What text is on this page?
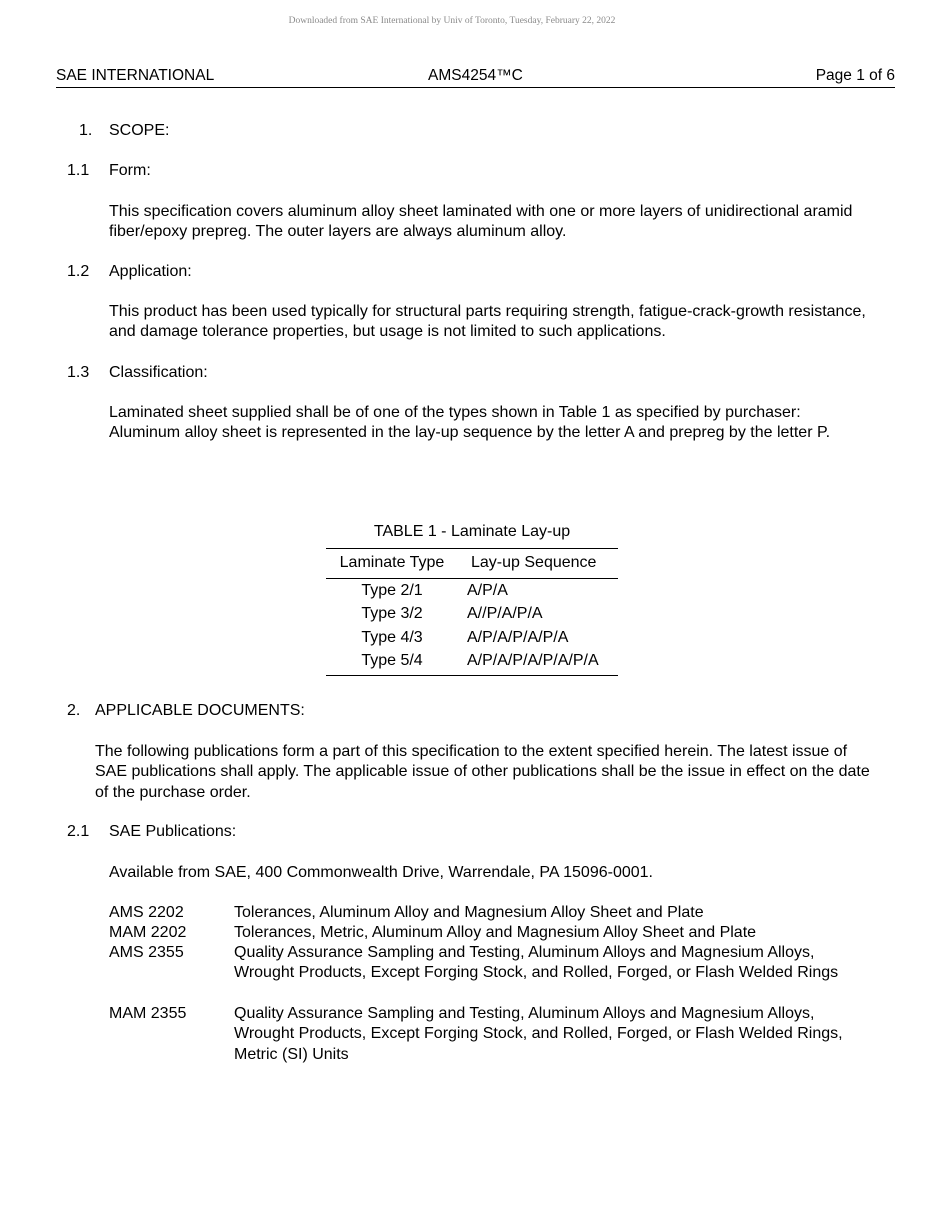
Downloaded from SAE International by Univ of Toronto, Tuesday, February 22, 2022
SAE INTERNATIONAL	AMS4254™C	Page 1 of 6
1. SCOPE:
1.1 Form:
This specification covers aluminum alloy sheet laminated with one or more layers of unidirectional aramid fiber/epoxy prepreg. The outer layers are always aluminum alloy.
1.2 Application:
This product has been used typically for structural parts requiring strength, fatigue-crack-growth resistance, and damage tolerance properties, but usage is not limited to such applications.
1.3 Classification:
Laminated sheet supplied shall be of one of the types shown in Table 1 as specified by purchaser: Aluminum alloy sheet is represented in the lay-up sequence by the letter A and prepreg by the letter P.
TABLE 1 - Laminate Lay-up
Laminate Type	Lay-up Sequence
Type 2/1	A/P/A
Type 3/2	A//P/A/P/A
Type 4/3	A/P/A/P/A/P/A
Type 5/4	A/P/A/P/A/P/A/P/A
2. APPLICABLE DOCUMENTS:
The following publications form a part of this specification to the extent specified herein. The latest issue of SAE publications shall apply. The applicable issue of other publications shall be the issue in effect on the date of the purchase order.
2.1 SAE Publications:
Available from SAE, 400 Commonwealth Drive, Warrendale, PA 15096-0001.
AMS 2202	Tolerances, Aluminum Alloy and Magnesium Alloy Sheet and Plate
MAM 2202	Tolerances, Metric, Aluminum Alloy and Magnesium Alloy Sheet and Plate
AMS 2355	Quality Assurance Sampling and Testing, Aluminum Alloys and Magnesium Alloys, Wrought Products, Except Forging Stock, and Rolled, Forged, or Flash Welded Rings
MAM 2355	Quality Assurance Sampling and Testing, Aluminum Alloys and Magnesium Alloys, Wrought Products, Except Forging Stock, and Rolled, Forged, or Flash Welded Rings, Metric (SI) Units
